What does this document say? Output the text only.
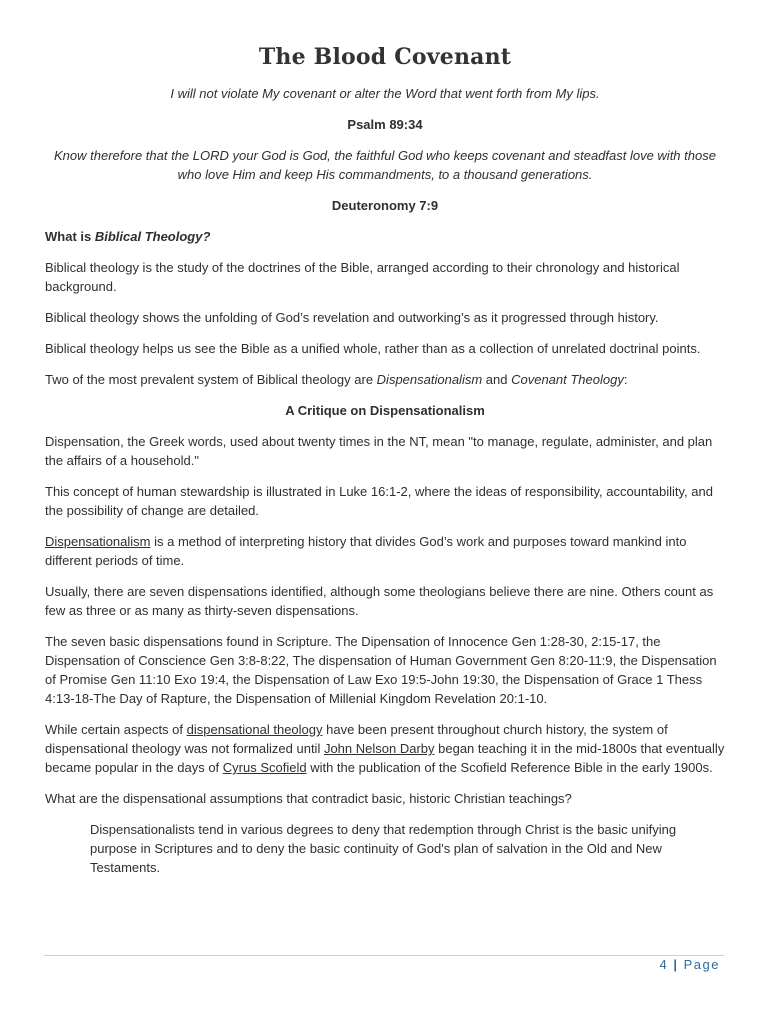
The Blood Covenant

I will not violate My covenant or alter the Word that went forth from My lips.

Psalm 89:34

Know therefore that the LORD your God is God, the faithful God who keeps covenant and steadfast love with those who love Him and keep His commandments, to a thousand generations.

Deuteronomy 7:9

What is Biblical Theology?

Biblical theology is the study of the doctrines of the Bible, arranged according to their chronology and historical background.

Biblical theology shows the unfolding of God’s revelation and outworking’s as it progressed through history.

Biblical theology helps us see the Bible as a unified whole, rather than as a collection of unrelated doctrinal points.

Two of the most prevalent system of Biblical theology are Dispensationalism and Covenant Theology:

A Critique on Dispensationalism

Dispensation, the Greek words, used about twenty times in the NT, mean "to manage, regulate, administer, and plan the affairs of a household."

This concept of human stewardship is illustrated in Luke 16:1-2, where the ideas of responsibility, accountability, and the possibility of change are detailed.

Dispensationalism is a method of interpreting history that divides God’s work and purposes toward mankind into different periods of time.

Usually, there are seven dispensations identified, although some theologians believe there are nine. Others count as few as three or as many as thirty-seven dispensations.

The seven basic dispensations found in Scripture. The Dipensation of Innocence Gen 1:28-30, 2:15-17, the Dispensation of Conscience Gen 3:8-8:22, The dispensation of Human Government Gen 8:20-11:9, the Dispensation of Promise Gen 11:10 Exo 19:4, the Dispensation of Law Exo 19:5-John 19:30, the Dispensation of Grace 1 Thess 4:13-18-The Day of Rapture, the Dispensation of Millenial Kingdom Revelation 20:1-10.

While certain aspects of dispensational theology have been present throughout church history, the system of dispensational theology was not formalized until John Nelson Darby began teaching it in the mid-1800s that eventually became popular in the days of Cyrus Scofield with the publication of the Scofield Reference Bible in the early 1900s.

What are the dispensational assumptions that contradict basic, historic Christian teachings?

Dispensationalists tend in various degrees to deny that redemption through Christ is the basic unifying purpose in Scriptures and to deny the basic continuity of God's plan of salvation in the Old and New Testaments.

4 | Page
